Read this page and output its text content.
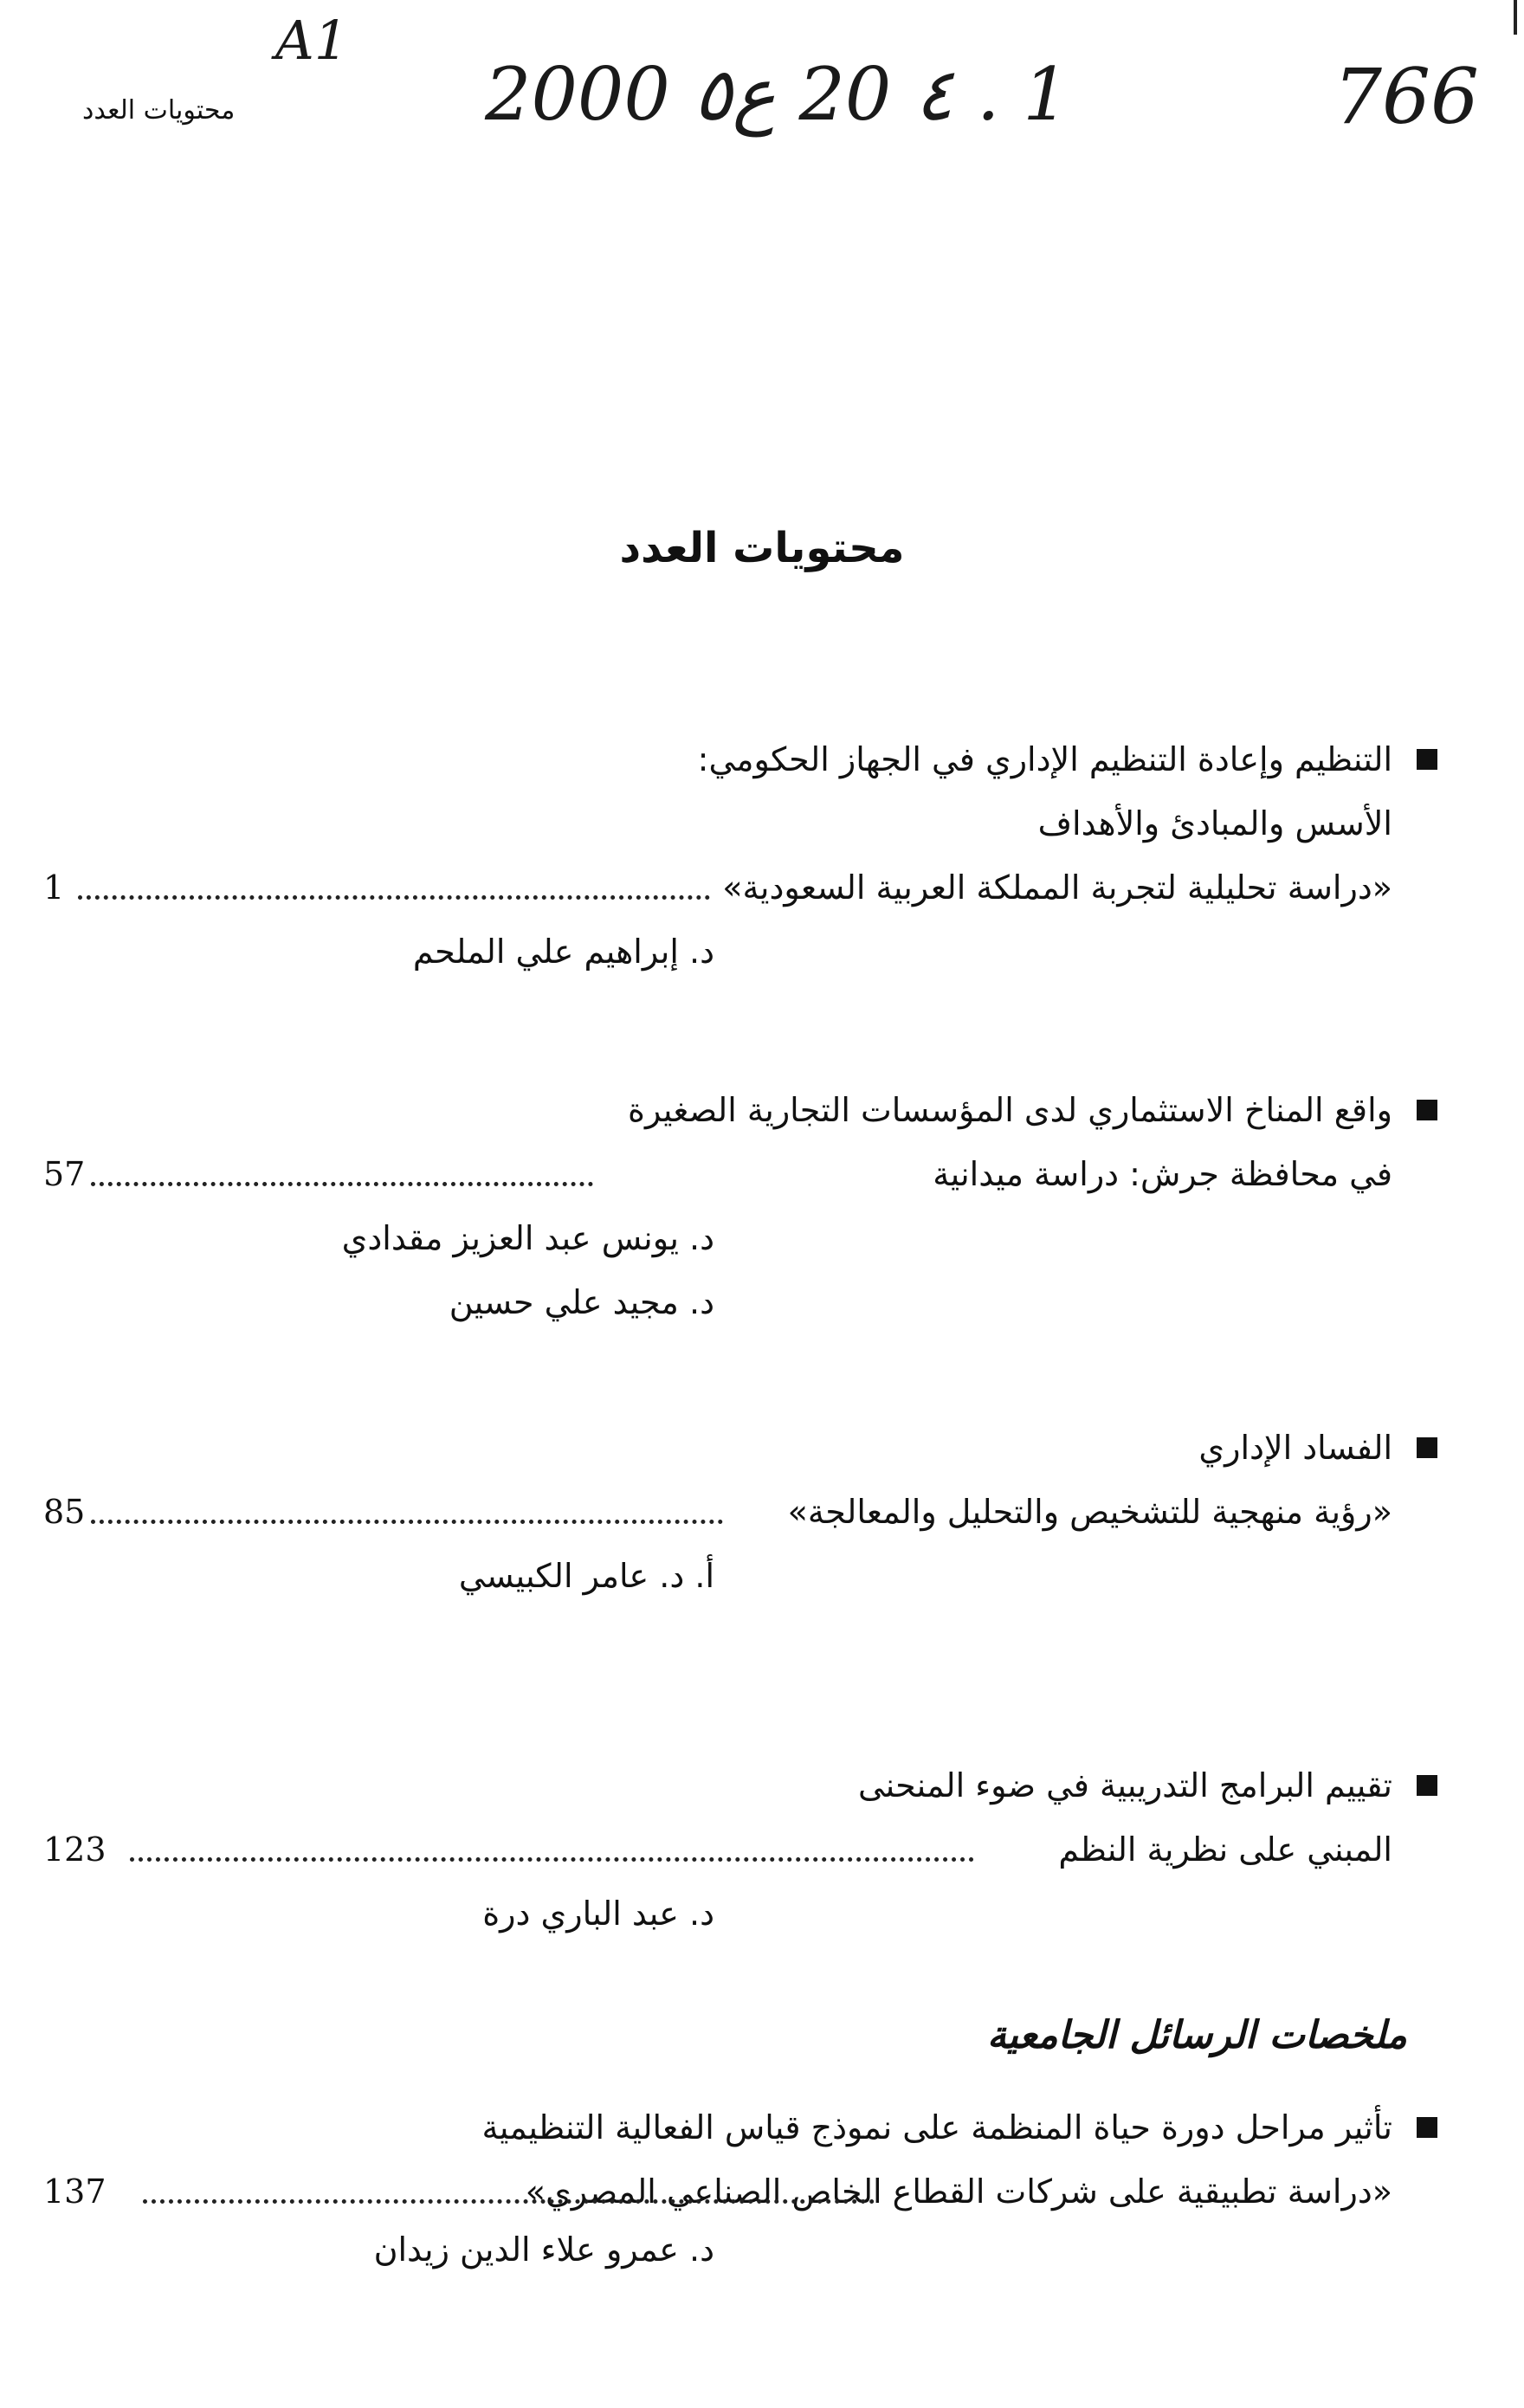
محتويات العدد
A1
1 . ٤ 20 ع٥ 2000	766
محتويات العدد
التنظيم وإعادة التنظيم الإداري في الجهاز الحكومي:
الأسس والمبادئ والأهداف
«دراسة تحليلية لتجربة المملكة العربية السعودية»
1
د. إبراهيم علي الملحم
واقع المناخ الاستثماري لدى المؤسسات التجارية الصغيرة
في محافظة جرش: دراسة ميدانية
57
د. يونس عبد العزيز مقدادي
د. مجيد علي حسين
الفساد الإداري
«رؤية منهجية للتشخيص والتحليل والمعالجة»
85
أ. د. عامر الكبيسي
تقييم البرامج التدريبية في ضوء المنحنى
المبني على نظرية النظم
123
د. عبد الباري درة
ملخصات الرسائل الجامعية
تأثير مراحل دورة حياة المنظمة على نموذج قياس الفعالية التنظيمية
«دراسة تطبيقية على شركات القطاع الخاص الصناعي المصري»
137
د. عمرو علاء الدين زيدان
